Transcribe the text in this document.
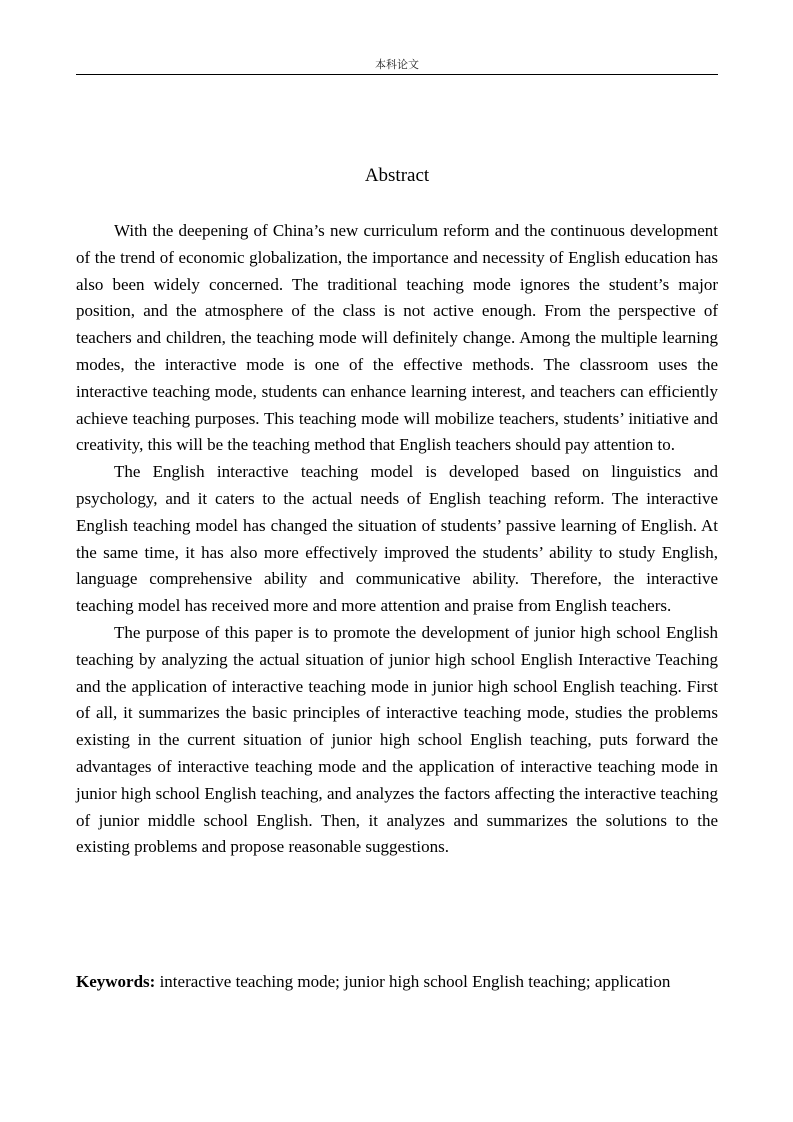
本科论文
Abstract

With the deepening of China’s new curriculum reform and the continuous development of the trend of economic globalization, the importance and necessity of English education has also been widely concerned. The traditional teaching mode ignores the student’s major position, and the atmosphere of the class is not active enough. From the perspective of teachers and children, the teaching mode will definitely change. Among the multiple learning modes, the interactive mode is one of the effective methods. The classroom uses the interactive teaching mode, students can enhance learning interest, and teachers can efficiently achieve teaching purposes. This teaching mode will mobilize teachers, students’ initiative and creativity, this will be the teaching method that English teachers should pay attention to.

The English interactive teaching model is developed based on linguistics and psychology, and it caters to the actual needs of English teaching reform. The interactive English teaching model has changed the situation of students’ passive learning of English. At the same time, it has also more effectively improved the students’ ability to study English, language comprehensive ability and communicative ability. Therefore, the interactive teaching model has received more and more attention and praise from English teachers.

The purpose of this paper is to promote the development of junior high school English teaching by analyzing the actual situation of junior high school English Interactive Teaching and the application of interactive teaching mode in junior high school English teaching. First of all, it summarizes the basic principles of interactive teaching mode, studies the problems existing in the current situation of junior high school English teaching, puts forward the advantages of interactive teaching mode and the application of interactive teaching mode in junior high school English teaching, and analyzes the factors affecting the interactive teaching of junior middle school English. Then, it analyzes and summarizes the solutions to the existing problems and propose reasonable suggestions.

Keywords: interactive teaching mode; junior high school English teaching; application
